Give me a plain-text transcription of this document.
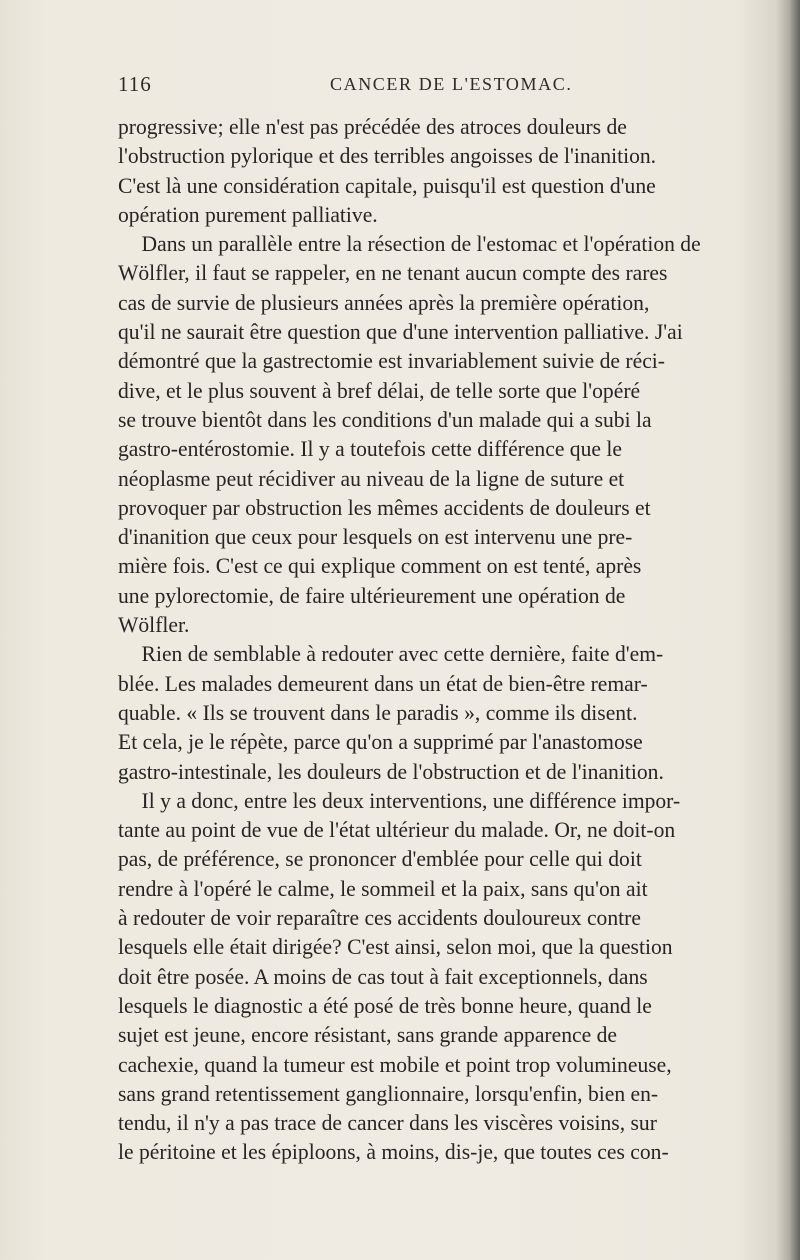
116	CANCER DE L'ESTOMAC.
progressive; elle n'est pas précédée des atroces douleurs de
l'obstruction pylorique et des terribles angoisses de l'inanition.
C'est là une considération capitale, puisqu'il est question d'une
opération purement palliative.
Dans un parallèle entre la résection de l'estomac et l'opération de
Wölfler, il faut se rappeler, en ne tenant aucun compte des rares
cas de survie de plusieurs années après la première opération,
qu'il ne saurait être question que d'une intervention palliative. J'ai
démontré que la gastrectomie est invariablement suivie de réci-
dive, et le plus souvent à bref délai, de telle sorte que l'opéré
se trouve bientôt dans les conditions d'un malade qui a subi la
gastro-entérostomie. Il y a toutefois cette différence que le
néoplasme peut récidiver au niveau de la ligne de suture et
provoquer par obstruction les mêmes accidents de douleurs et
d'inanition que ceux pour lesquels on est intervenu une pre-
mière fois. C'est ce qui explique comment on est tenté, après
une pylorectomie, de faire ultérieurement une opération de
Wölfler.
Rien de semblable à redouter avec cette dernière, faite d'em-
blée. Les malades demeurent dans un état de bien-être remar-
quable. « Ils se trouvent dans le paradis », comme ils disent.
Et cela, je le répète, parce qu'on a supprimé par l'anastomose
gastro-intestinale, les douleurs de l'obstruction et de l'inanition.
Il y a donc, entre les deux interventions, une différence impor-
tante au point de vue de l'état ultérieur du malade. Or, ne doit-on
pas, de préférence, se prononcer d'emblée pour celle qui doit
rendre à l'opéré le calme, le sommeil et la paix, sans qu'on ait
à redouter de voir reparaître ces accidents douloureux contre
lesquels elle était dirigée? C'est ainsi, selon moi, que la question
doit être posée. A moins de cas tout à fait exceptionnels, dans
lesquels le diagnostic a été posé de très bonne heure, quand le
sujet est jeune, encore résistant, sans grande apparence de
cachexie, quand la tumeur est mobile et point trop volumineuse,
sans grand retentissement ganglionnaire, lorsqu'enfin, bien en-
tendu, il n'y a pas trace de cancer dans les viscères voisins, sur
le péritoine et les épiploons, à moins, dis-je, que toutes ces con-
